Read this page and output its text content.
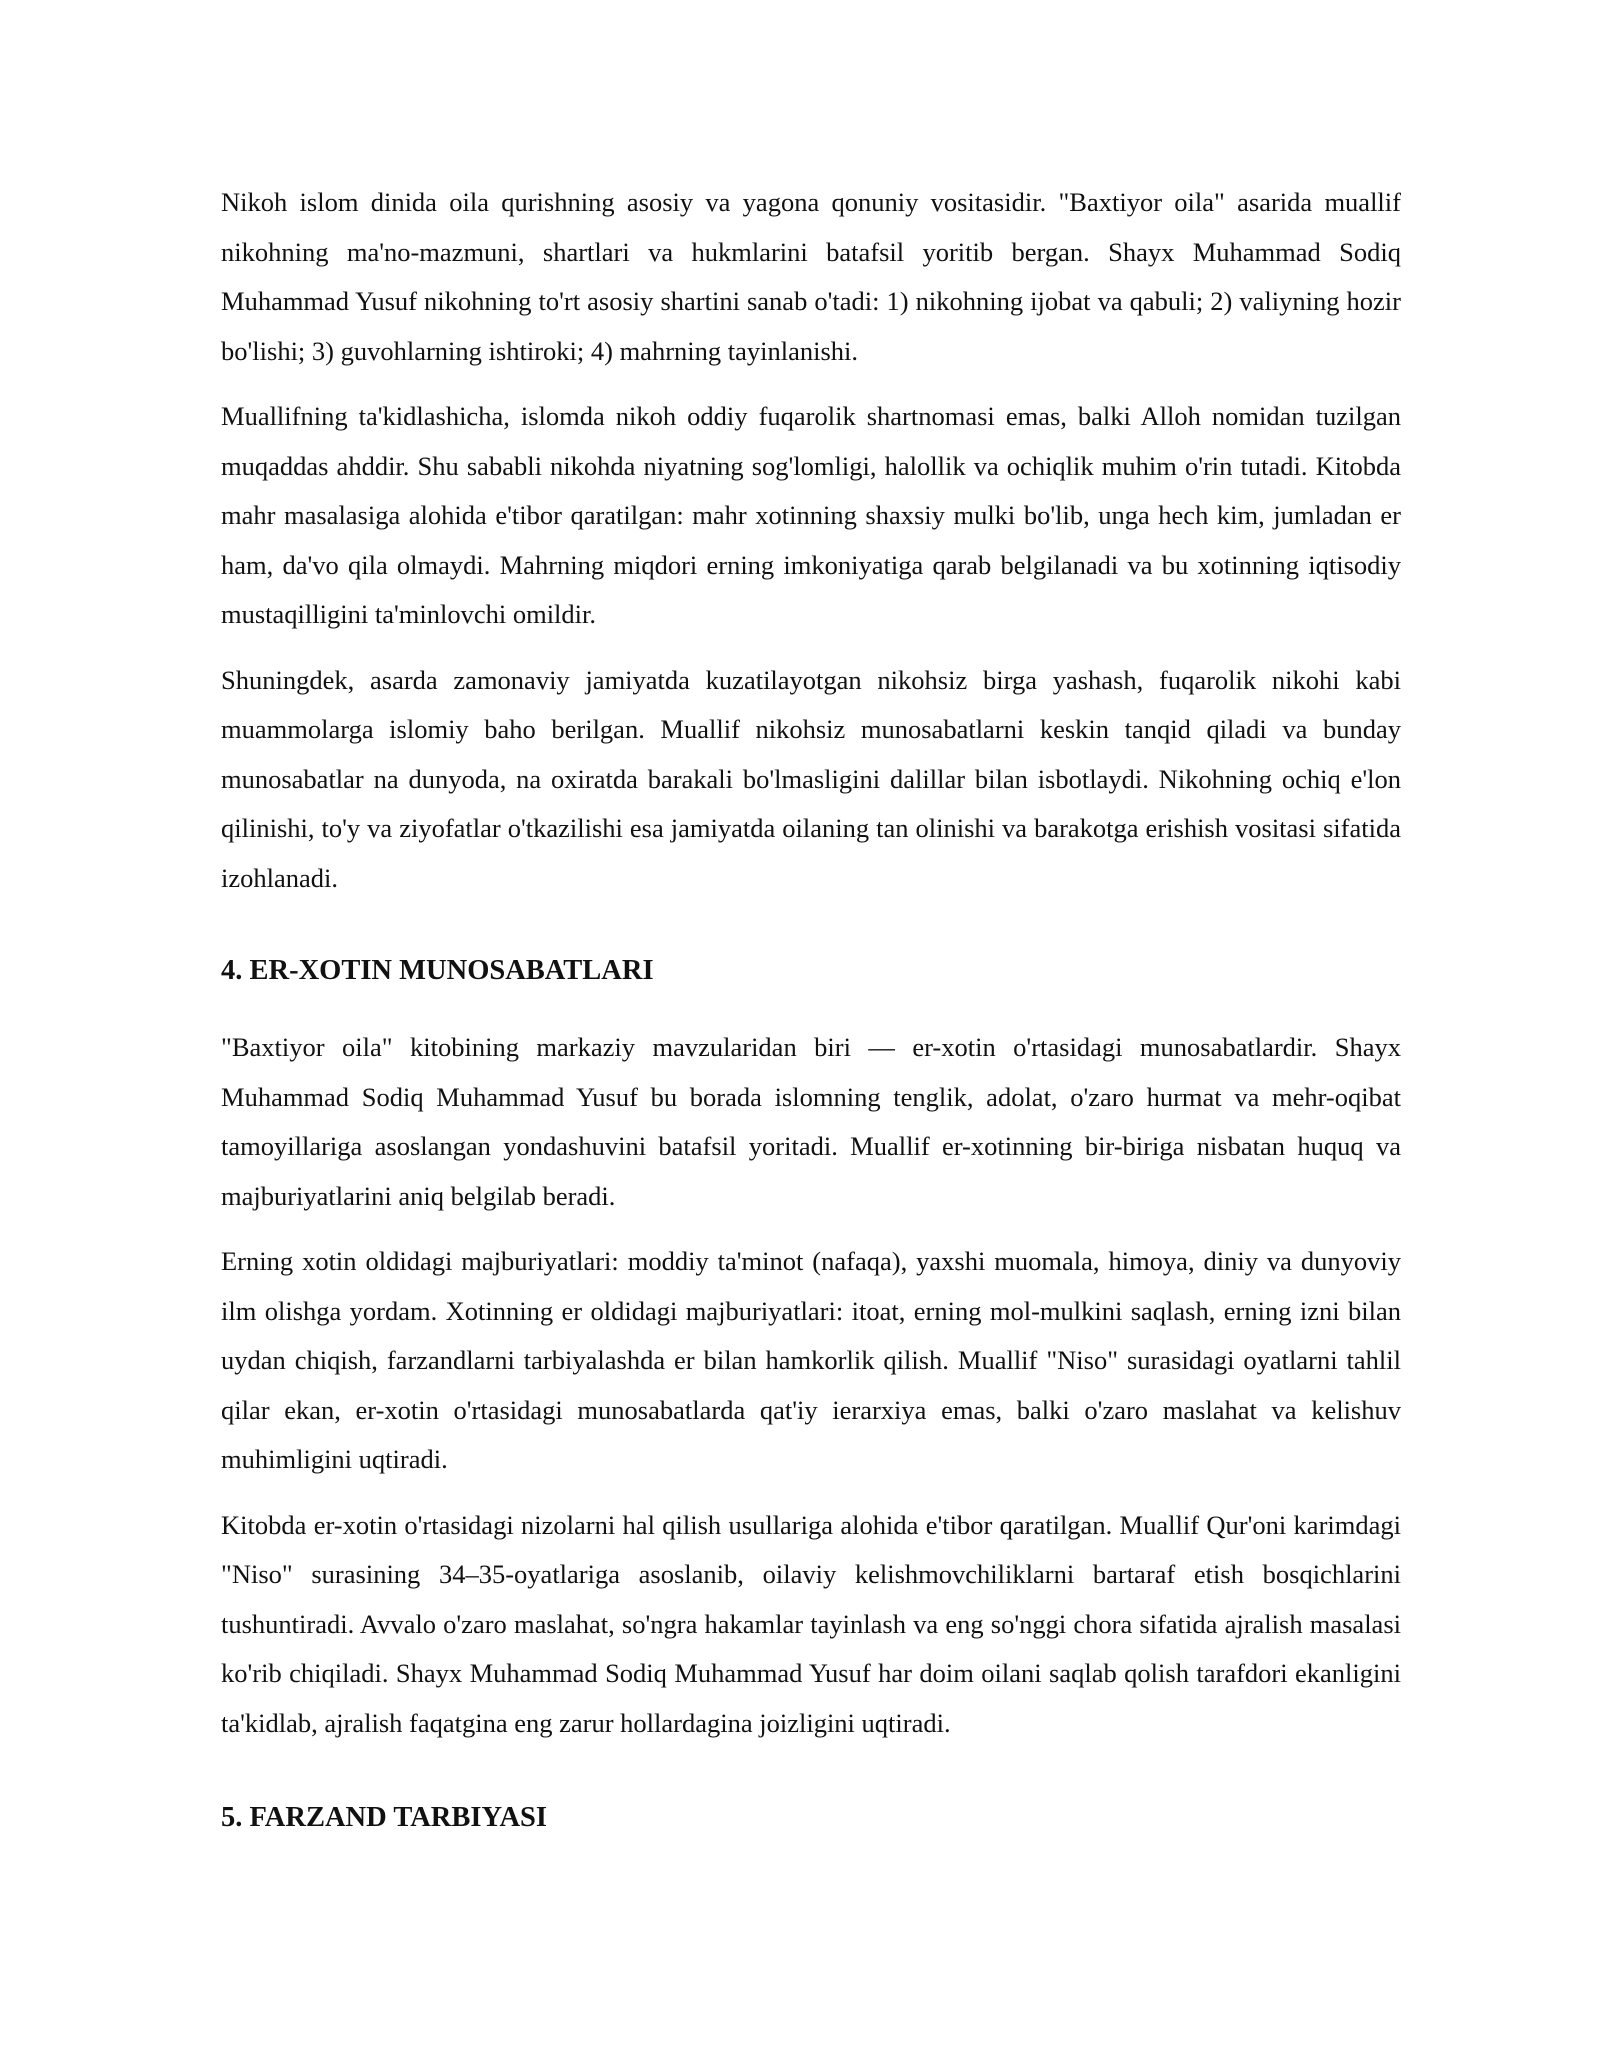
Nikoh islom dinida oila qurishning asosiy va yagona qonuniy vositasidir. "Baxtiyor oila" asarida muallif nikohning ma'no-mazmuni, shartlari va hukmlarini batafsil yoritib bergan. Shayx Muhammad Sodiq Muhammad Yusuf nikohning to'rt asosiy shartini sanab o'tadi: 1) nikohning ijobat va qabuli; 2) valiyning hozir bo'lishi; 3) guvohlarning ishtiroki; 4) mahrning tayinlanishi.

Muallifning ta'kidlashicha, islomda nikoh oddiy fuqarolik shartnomasi emas, balki Alloh nomidan tuzilgan muqaddas ahddir. Shu sababli nikohda niyatning sog'lomligi, halollik va ochiqlik muhim o'rin tutadi. Kitobda mahr masalasiga alohida e'tibor qaratilgan: mahr xotinning shaxsiy mulki bo'lib, unga hech kim, jumladan er ham, da'vo qila olmaydi. Mahrning miqdori erning imkoniyatiga qarab belgilanadi va bu xotinning iqtisodiy mustaqilligini ta'minlovchi omildir.

Shuningdek, asarda zamonaviy jamiyatda kuzatilayotgan nikohsiz birga yashash, fuqarolik nikohi kabi muammolarga islomiy baho berilgan. Muallif nikohsiz munosabatlarni keskin tanqid qiladi va bunday munosabatlar na dunyoda, na oxiratda barakali bo'lmasligini dalillar bilan isbotlaydi. Nikohning ochiq e'lon qilinishi, to'y va ziyofatlar o'tkazilishi esa jamiyatda oilaning tan olinishi va barakotga erishish vositasi sifatida izohlanadi.

4. ER-XOTIN MUNOSABATLARI

"Baxtiyor oila" kitobining markaziy mavzularidan biri — er-xotin o'rtasidagi munosabatlardir. Shayx Muhammad Sodiq Muhammad Yusuf bu borada islomning tenglik, adolat, o'zaro hurmat va mehr-oqibat tamoyillariga asoslangan yondashuvini batafsil yoritadi. Muallif er-xotinning bir-biriga nisbatan huquq va majburiyatlarini aniq belgilab beradi.

Erning xotin oldidagi majburiyatlari: moddiy ta'minot (nafaqa), yaxshi muomala, himoya, diniy va dunyoviy ilm olishga yordam. Xotinning er oldidagi majburiyatlari: itoat, erning mol-mulkini saqlash, erning izni bilan uydan chiqish, farzandlarni tarbiyalashda er bilan hamkorlik qilish. Muallif "Niso" surasidagi oyatlarni tahlil qilar ekan, er-xotin o'rtasidagi munosabatlarda qat'iy ierarxiya emas, balki o'zaro maslahat va kelishuv muhimligini uqtiradi.

Kitobda er-xotin o'rtasidagi nizolarni hal qilish usullariga alohida e'tibor qaratilgan. Muallif Qur'oni karimdagi "Niso" surasining 34–35-oyatlariga asoslanib, oilaviy kelishmovchiliklarni bartaraf etish bosqichlarini tushuntiradi. Avvalo o'zaro maslahat, so'ngra hakamlar tayinlash va eng so'nggi chora sifatida ajralish masalasi ko'rib chiqiladi. Shayx Muhammad Sodiq Muhammad Yusuf har doim oilani saqlab qolish tarafdori ekanligini ta'kidlab, ajralish faqatgina eng zarur hollardagina joizligini uqtiradi.

5. FARZAND TARBIYASI
